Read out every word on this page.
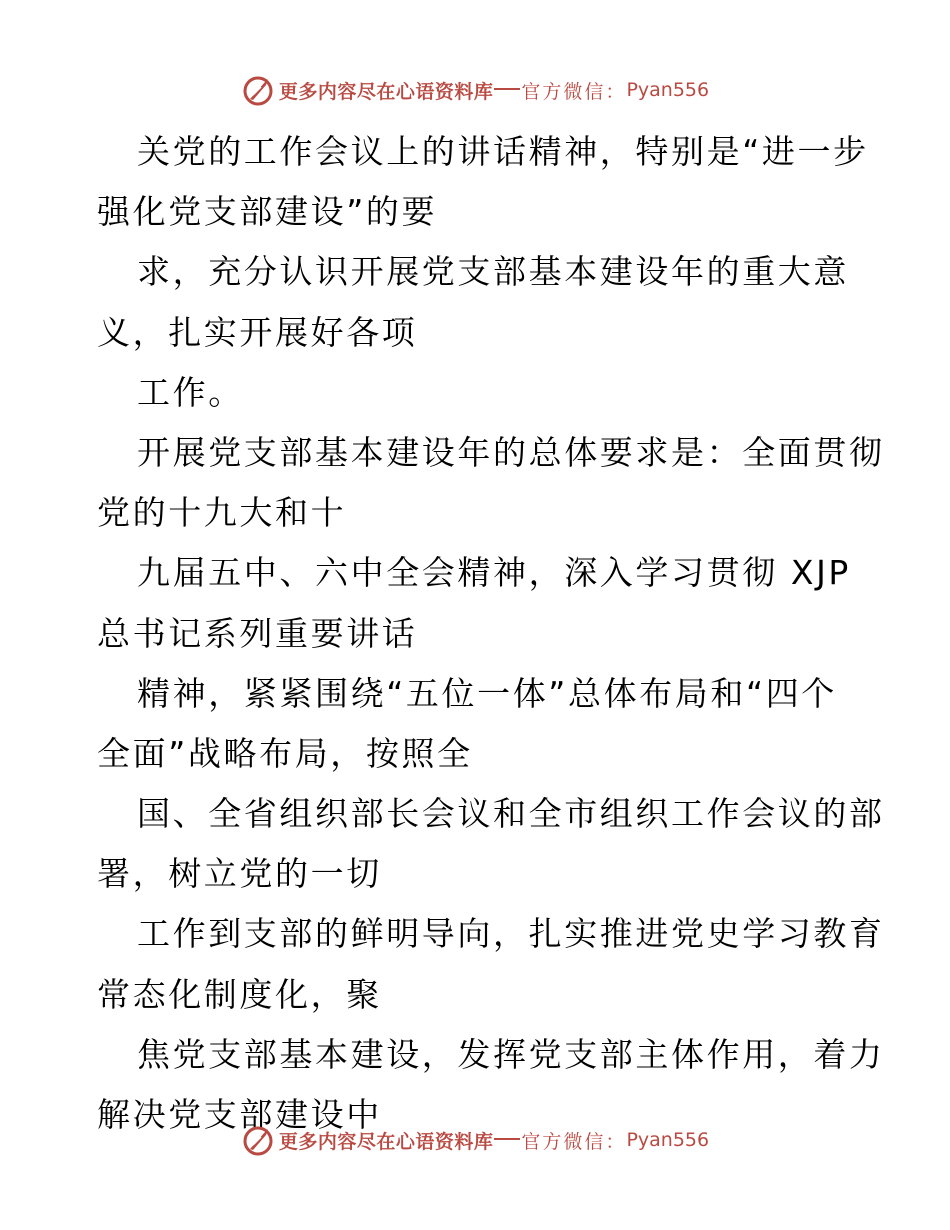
更多内容尽在心语资料库 官方微信： Pyan556
关党的工作会议上的讲话精神，特别是“进一步
强化党支部建设”的要
求，充分认识开展党支部基本建设年的重大意
义，扎实开展好各项
工作。
开展党支部基本建设年的总体要求是：全面贯彻
党的十九大和十
九届五中、六中全会精神，深入学习贯彻 XJP
总书记系列重要讲话
精神，紧紧围绕“五位一体”总体布局和“四个
全面”战略布局，按照全
国、全省组织部长会议和全市组织工作会议的部
署，树立党的一切
工作到支部的鲜明导向，扎实推进党史学习教育
常态化制度化，聚
焦党支部基本建设，发挥党支部主体作用，着力
解决党支部建设中
更多内容尽在心语资料库 官方微信： Pyan556
